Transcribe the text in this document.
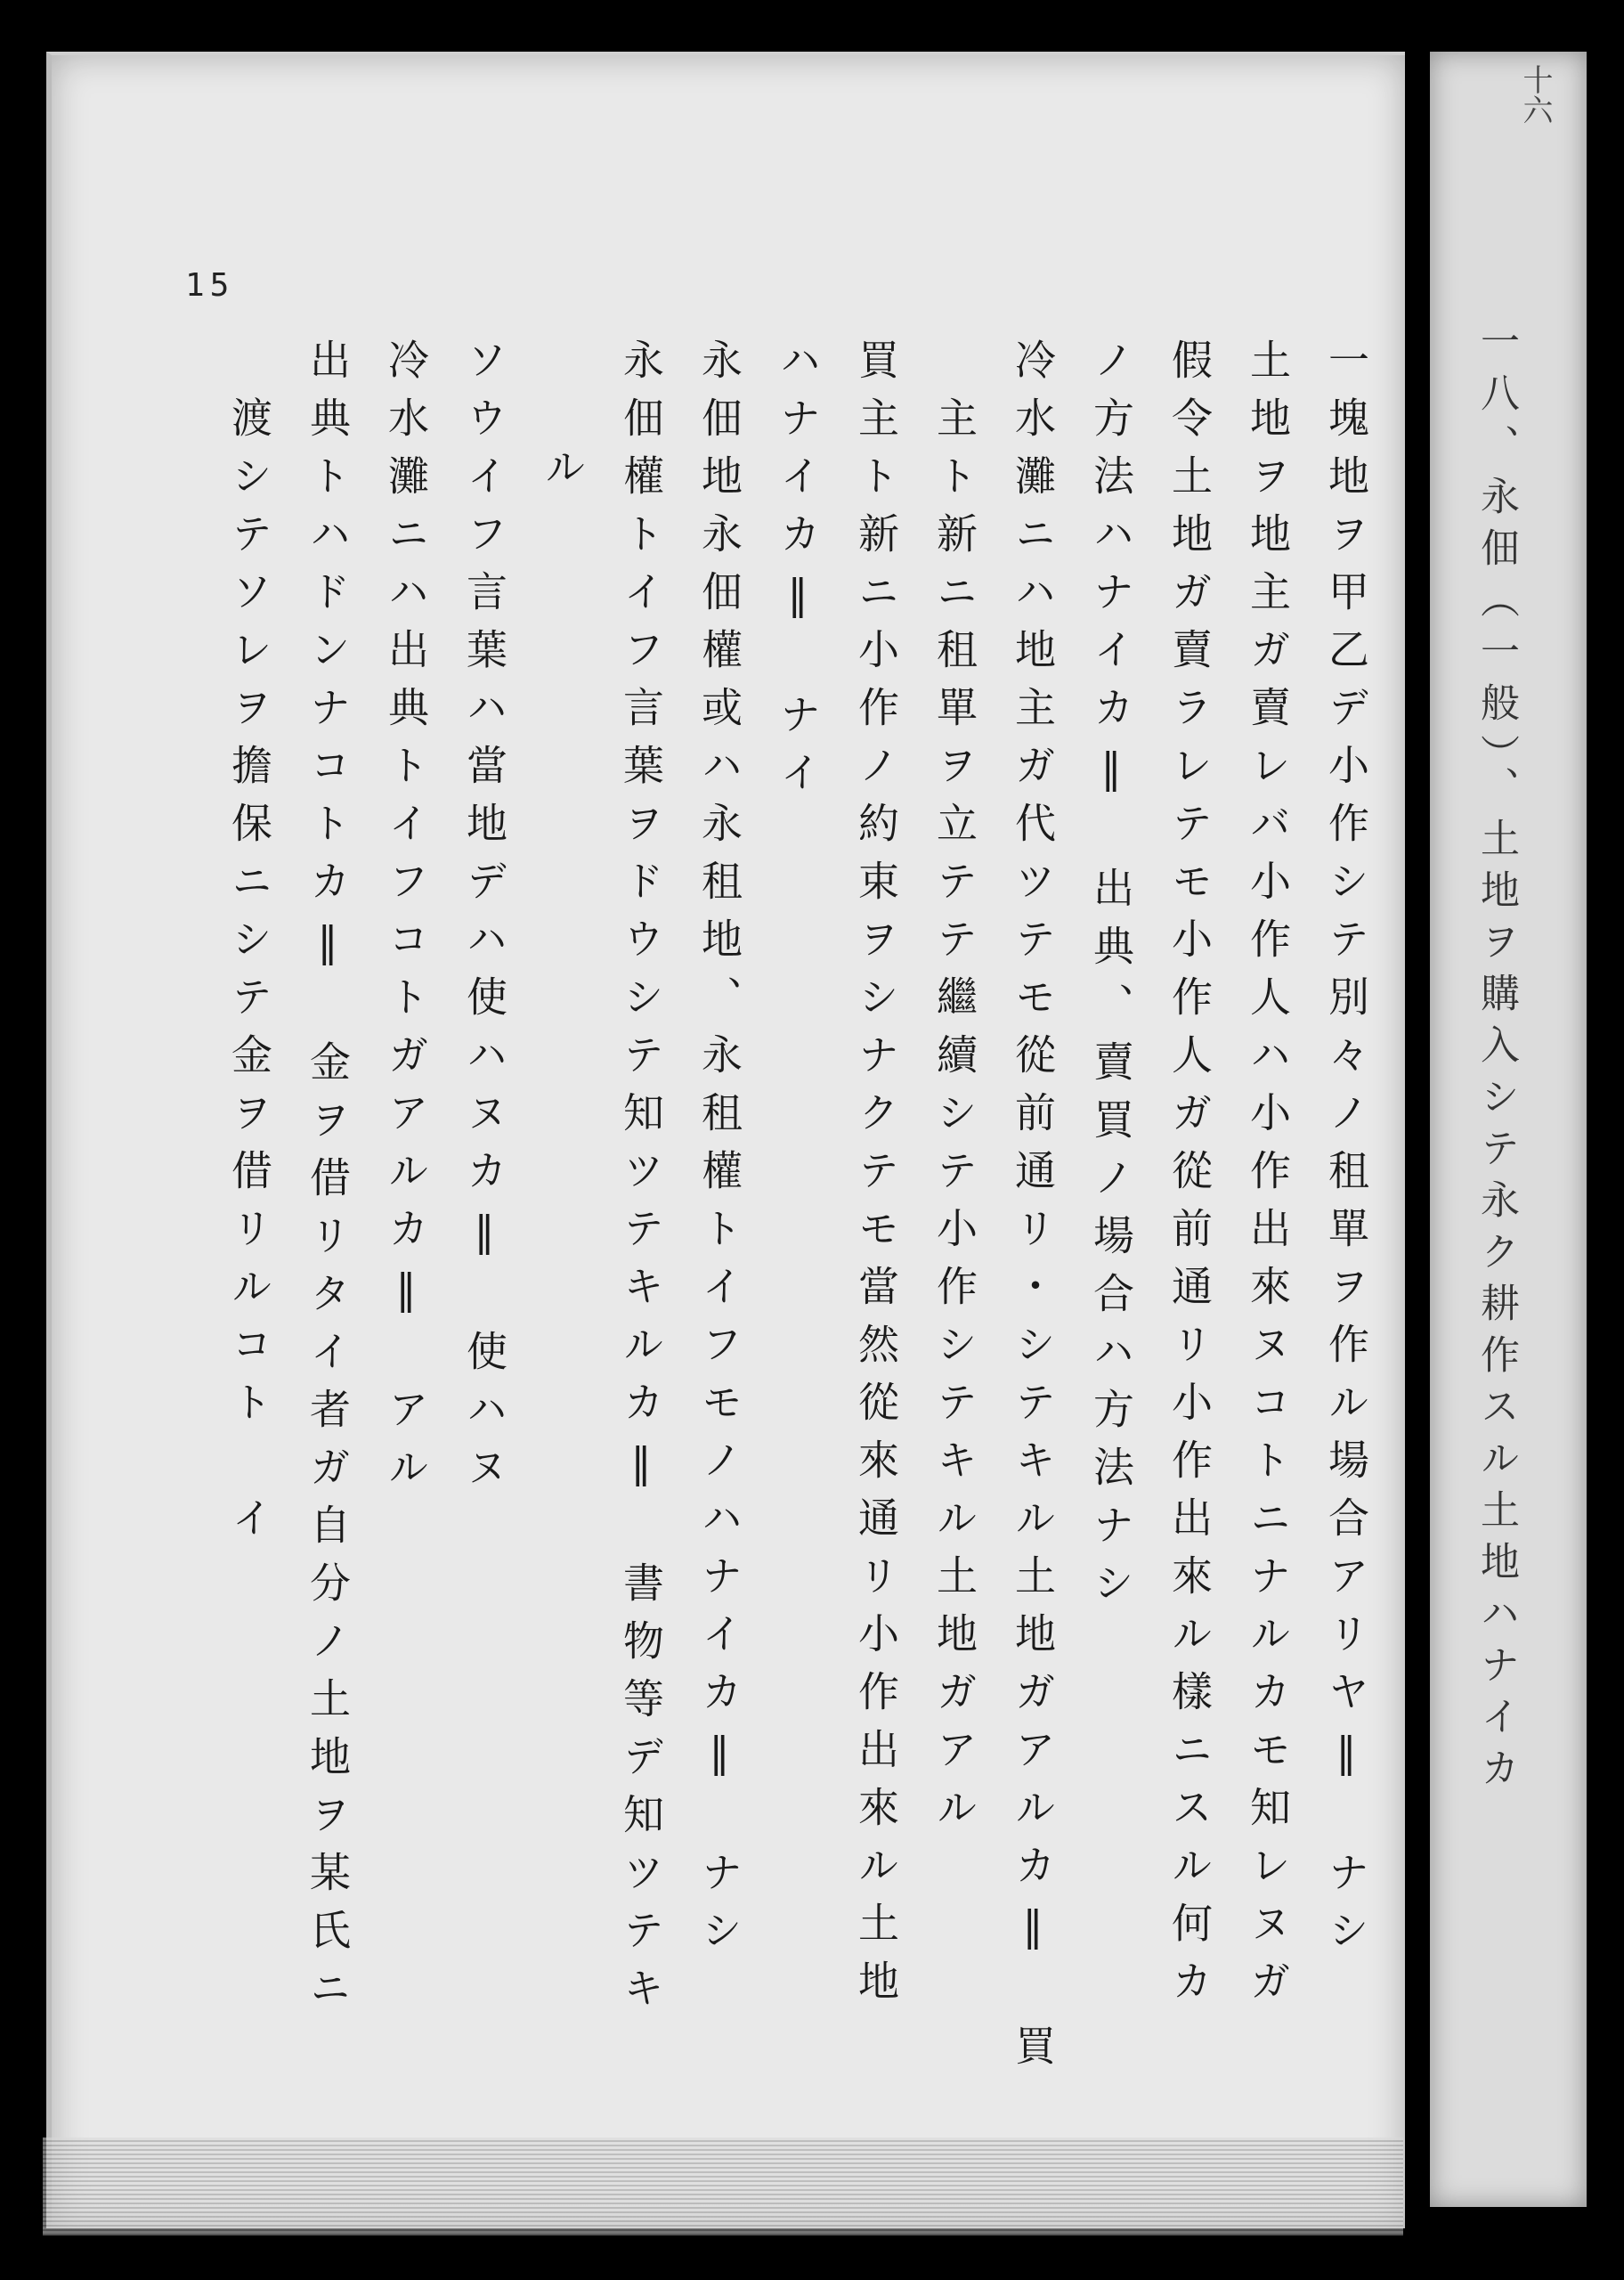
十六
一八、永佃（一般）、土地ヲ購入シテ永ク耕作スル土地ハナイカ
15
一塊地ヲ甲乙デ小作シテ別々ノ租單ヲ作ル場合アリヤ‖　ナシ
土地ヲ地主ガ賣レバ小作人ハ小作出來ヌコトニナルカモ知レヌガ
假令土地ガ賣ラレテモ小作人ガ從前通リ小作出來ル樣ニスル何カ
ノ方法ハナイカ‖　出典、賣買ノ場合ハ方法ナシ
冷水灘ニハ地主ガ代ツテモ從前通リ・シテキル土地ガアルカ‖　買
　主ト新ニ租單ヲ立テテ繼續シテ小作シテキル土地ガアル
買主ト新ニ小作ノ約束ヲシナクテモ當然從來通リ小作出來ル土地
ハナイカ‖　ナイ
永佃地永佃權或ハ永租地、永租權トイフモノハナイカ‖　ナシ
永佃權トイフ言葉ヲドウシテ知ツテキルカ‖　書物等デ知ツテキ
ル
ソウイフ言葉ハ當地デハ使ハヌカ‖　使ハヌ
冷水灘ニハ出典トイフコトガアルカ‖　アル
出典トハドンナコトカ‖　金ヲ借リタイ者ガ自分ノ土地ヲ某氏ニ
　渡シテソレヲ擔保ニシテ金ヲ借リルコト　イ
